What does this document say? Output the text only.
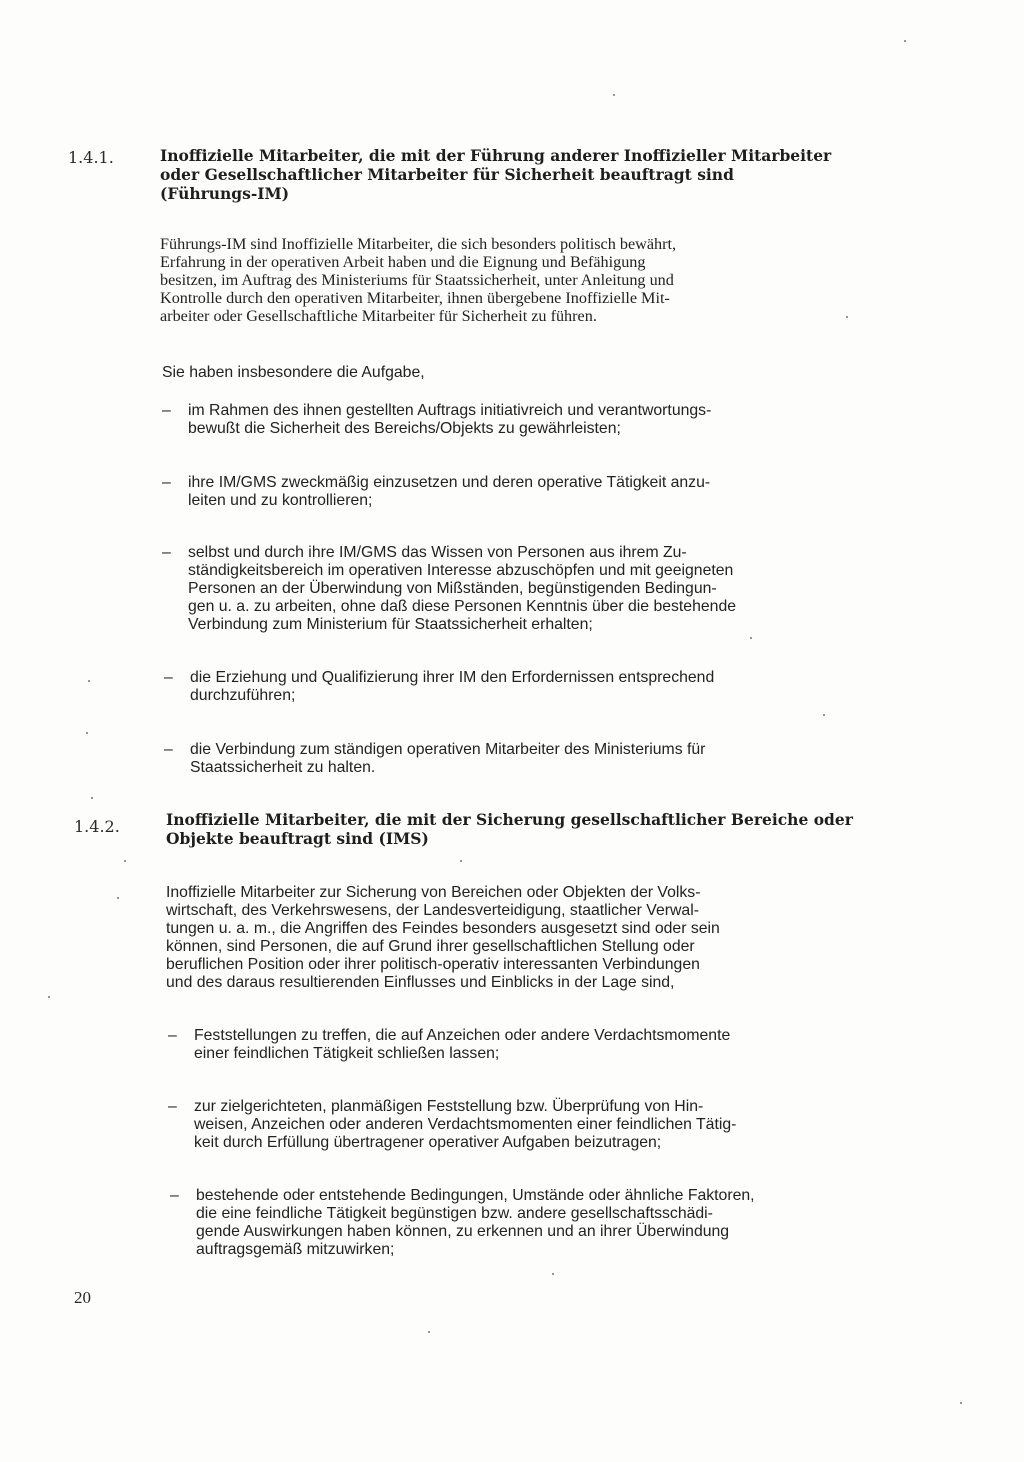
1.4.1.	Inoffizielle Mitarbeiter, die mit der Führung anderer Inoffizieller Mitarbeiter
oder Gesellschaftlicher Mitarbeiter für Sicherheit beauftragt sind
(Führungs-IM)
Führungs-IM sind Inoffizielle Mitarbeiter, die sich besonders politisch bewährt,
Erfahrung in der operativen Arbeit haben und die Eignung und Befähigung
besitzen, im Auftrag des Ministeriums für Staatssicherheit, unter Anleitung und
Kontrolle durch den operativen Mitarbeiter, ihnen übergebene Inoffizielle Mit-
arbeiter oder Gesellschaftliche Mitarbeiter für Sicherheit zu führen.
Sie haben insbesondere die Aufgabe,
– im Rahmen des ihnen gestellten Auftrags initiativreich und verantwortungs-
bewußt die Sicherheit des Bereichs/Objekts zu gewährleisten;
– ihre IM/GMS zweckmäßig einzusetzen und deren operative Tätigkeit anzu-
leiten und zu kontrollieren;
– selbst und durch ihre IM/GMS das Wissen von Personen aus ihrem Zu-
ständigkeitsbereich im operativen Interesse abzuschöpfen und mit geeigneten
Personen an der Überwindung von Mißständen, begünstigenden Bedingun-
gen u. a. zu arbeiten, ohne daß diese Personen Kenntnis über die bestehende
Verbindung zum Ministerium für Staatssicherheit erhalten;
– die Erziehung und Qualifizierung ihrer IM den Erfordernissen entsprechend
durchzuführen;
– die Verbindung zum ständigen operativen Mitarbeiter des Ministeriums für
Staatssicherheit zu halten.
1.4.2.	Inoffizielle Mitarbeiter, die mit der Sicherung gesellschaftlicher Bereiche oder
Objekte beauftragt sind (IMS)
Inoffizielle Mitarbeiter zur Sicherung von Bereichen oder Objekten der Volks-
wirtschaft, des Verkehrswesens, der Landesverteidigung, staatlicher Verwal-
tungen u. a. m., die Angriffen des Feindes besonders ausgesetzt sind oder sein
können, sind Personen, die auf Grund ihrer gesellschaftlichen Stellung oder
beruflichen Position oder ihrer politisch-operativ interessanten Verbindungen
und des daraus resultierenden Einflusses und Einblicks in der Lage sind,
– Feststellungen zu treffen, die auf Anzeichen oder andere Verdachtsmomente
einer feindlichen Tätigkeit schließen lassen;
– zur zielgerichteten, planmäßigen Feststellung bzw. Überprüfung von Hin-
weisen, Anzeichen oder anderen Verdachtsmomenten einer feindlichen Tätig-
keit durch Erfüllung übertragener operativer Aufgaben beizutragen;
– bestehende oder entstehende Bedingungen, Umstände oder ähnliche Faktoren,
die eine feindliche Tätigkeit begünstigen bzw. andere gesellschaftsschädi-
gende Auswirkungen haben können, zu erkennen und an ihrer Überwindung
auftragsgemäß mitzuwirken;
20
